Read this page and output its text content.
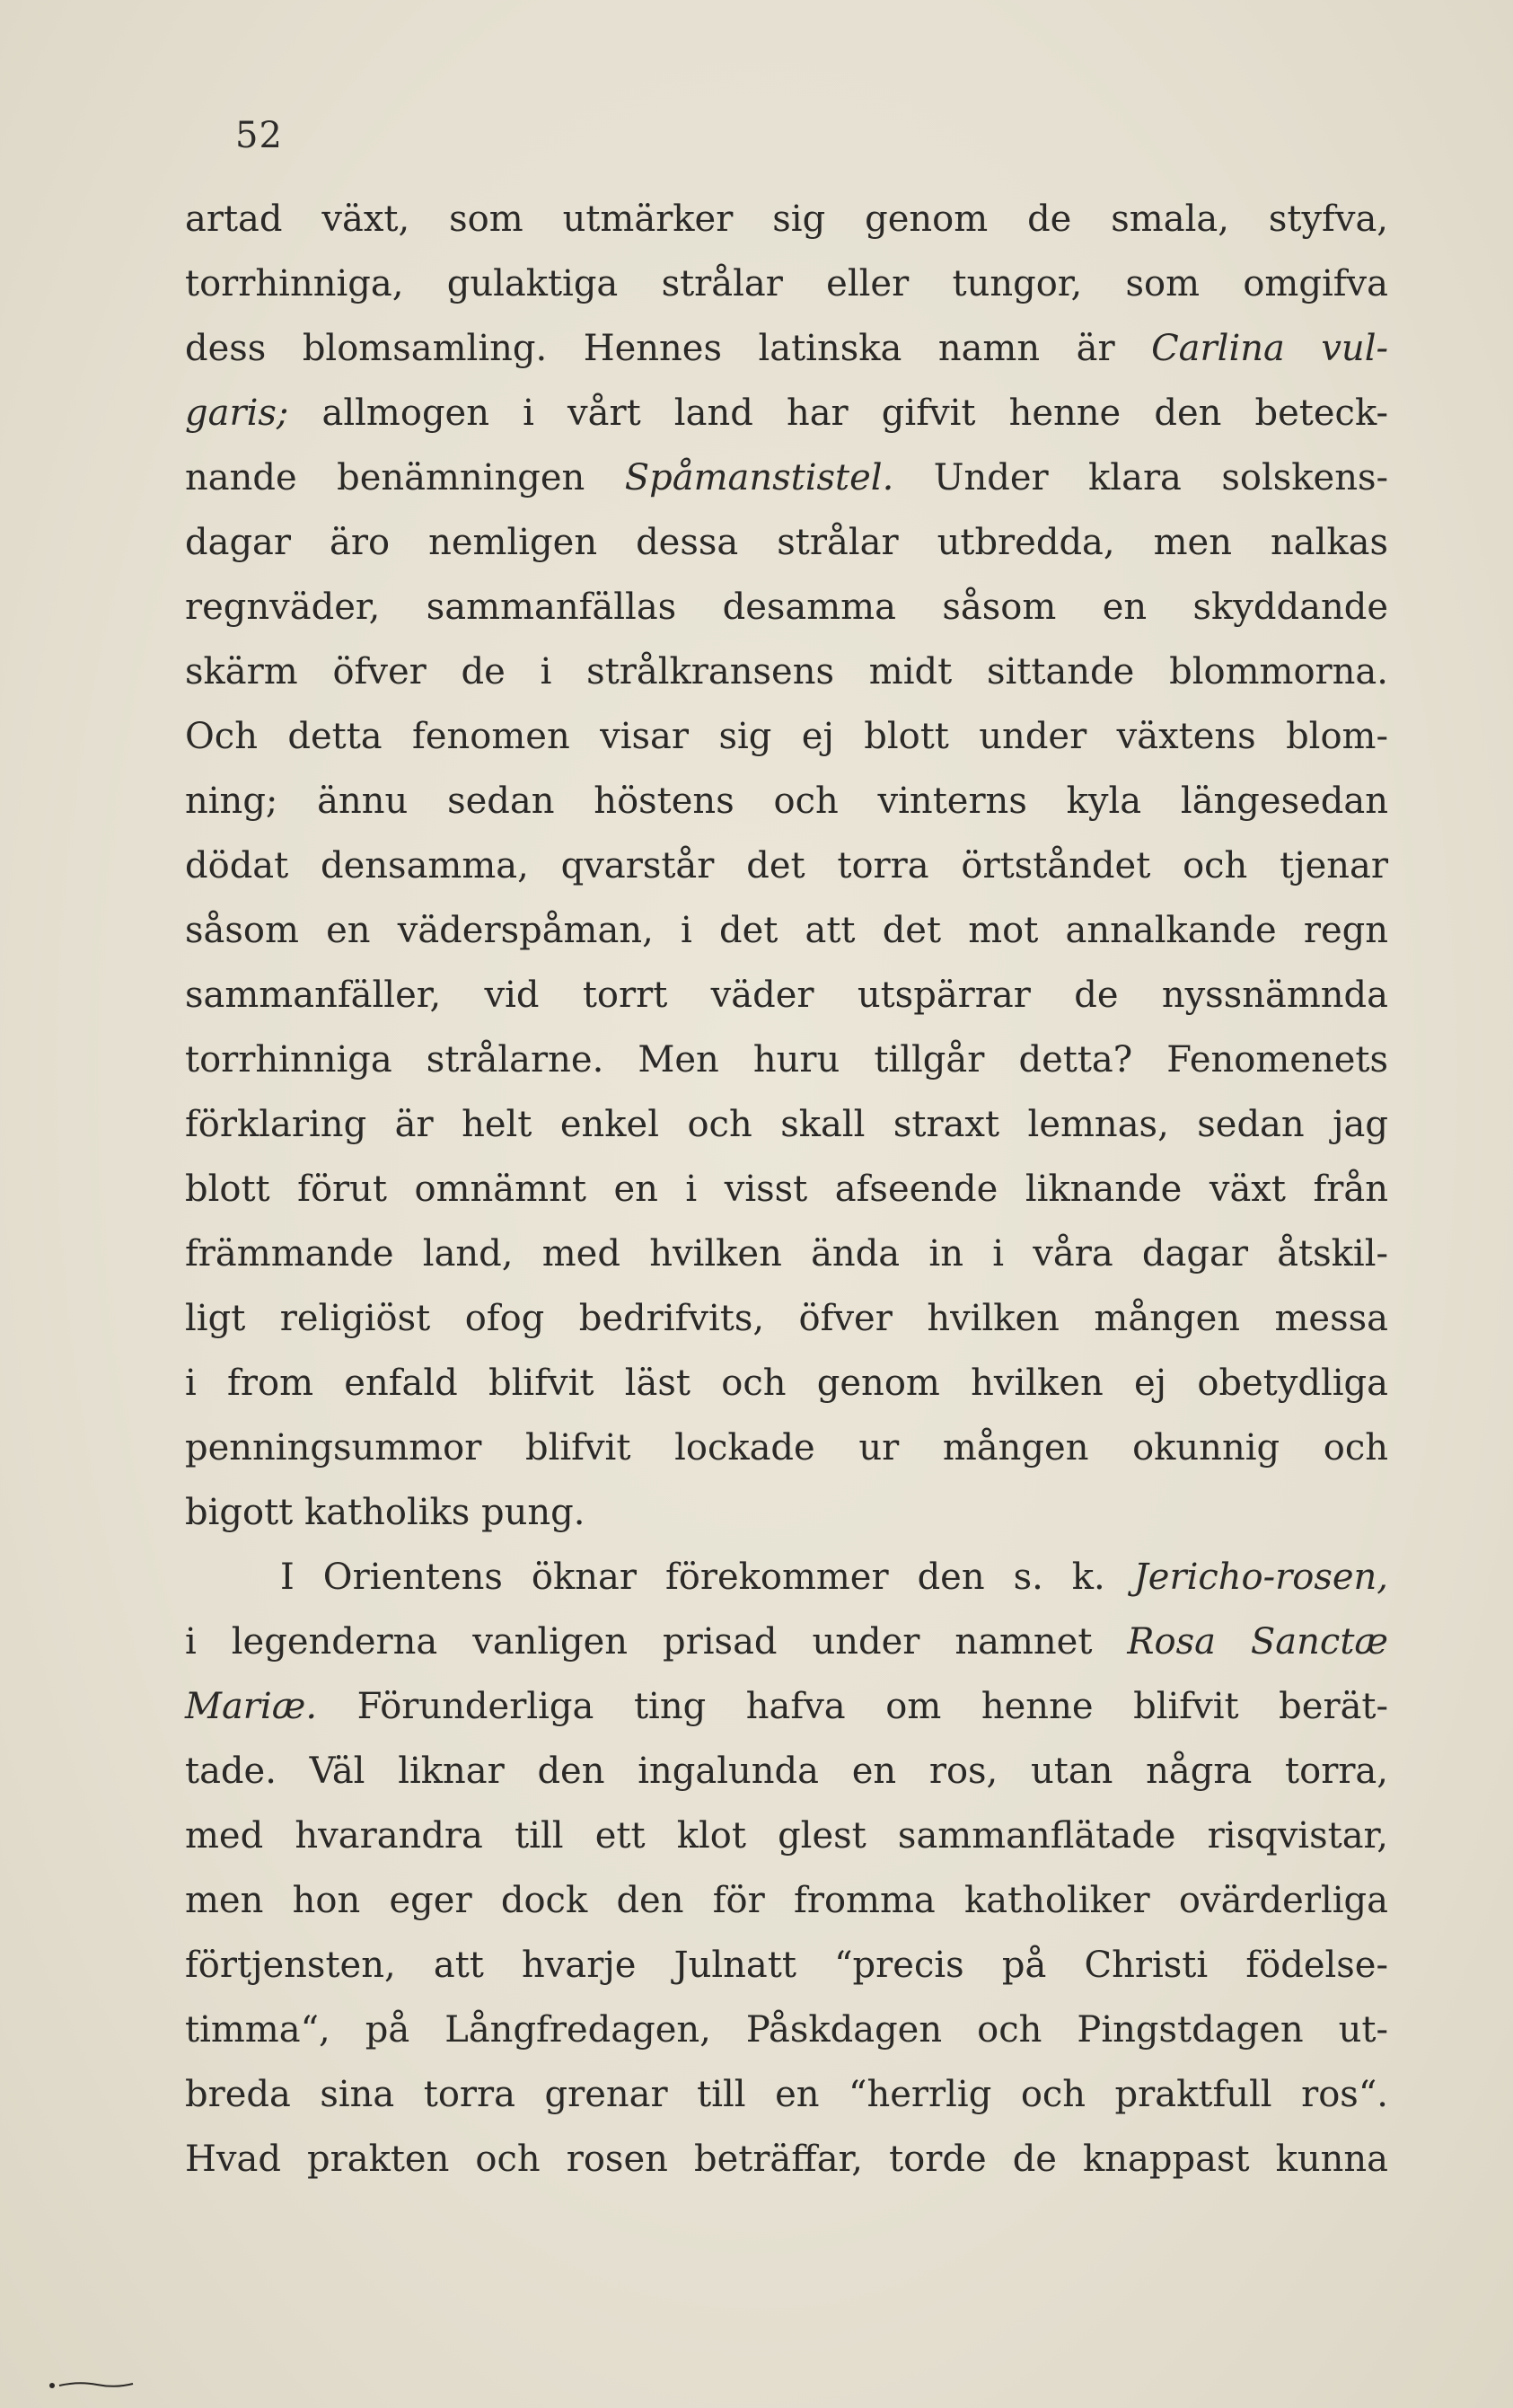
52
artad växt, som utmärker sig genom de smala, styfva,
torrhinniga, gulaktiga strålar eller tungor, som omgifva
dess blomsamling. Hennes latinska namn är Carlina vul-
garis; allmogen i vårt land har gifvit henne den beteck-
nande benämningen Spåmanstistel. Under klara solskens-
dagar äro nemligen dessa strålar utbredda, men nalkas
regnväder, sammanfällas desamma såsom en skyddande
skärm öfver de i strålkransens midt sittande blommorna.
Och detta fenomen visar sig ej blott under växtens blom-
ning; ännu sedan höstens och vinterns kyla längesedan
dödat densamma, qvarstår det torra örtståndet och tjenar
såsom en väderspåman, i det att det mot annalkande regn
sammanfäller, vid torrt väder utspärrar de nyssnämnda
torrhinniga strålarne. Men huru tillgår detta? Fenomenets
förklaring är helt enkel och skall straxt lemnas, sedan jag
blott förut omnämnt en i visst afseende liknande växt från
främmande land, med hvilken ända in i våra dagar åtskil-
ligt religiöst ofog bedrifvits, öfver hvilken mången messa
i from enfald blifvit läst och genom hvilken ej obetydliga
penningsummor blifvit lockade ur mången okunnig och
bigott katholiks pung.
I Orientens öknar förekommer den s. k. Jericho-rosen,
i legenderna vanligen prisad under namnet Rosa Sanctæ
Mariæ. Förunderliga ting hafva om henne blifvit berät-
tade. Väl liknar den ingalunda en ros, utan några torra,
med hvarandra till ett klot glest sammanflätade risqvistar,
men hon eger dock den för fromma katholiker ovärderliga
förtjensten, att hvarje Julnatt “precis på Christi födelse-
timma“, på Långfredagen, Påskdagen och Pingstdagen ut-
breda sina torra grenar till en “herrlig och praktfull ros“.
Hvad prakten och rosen beträffar, torde de knappast kunna
